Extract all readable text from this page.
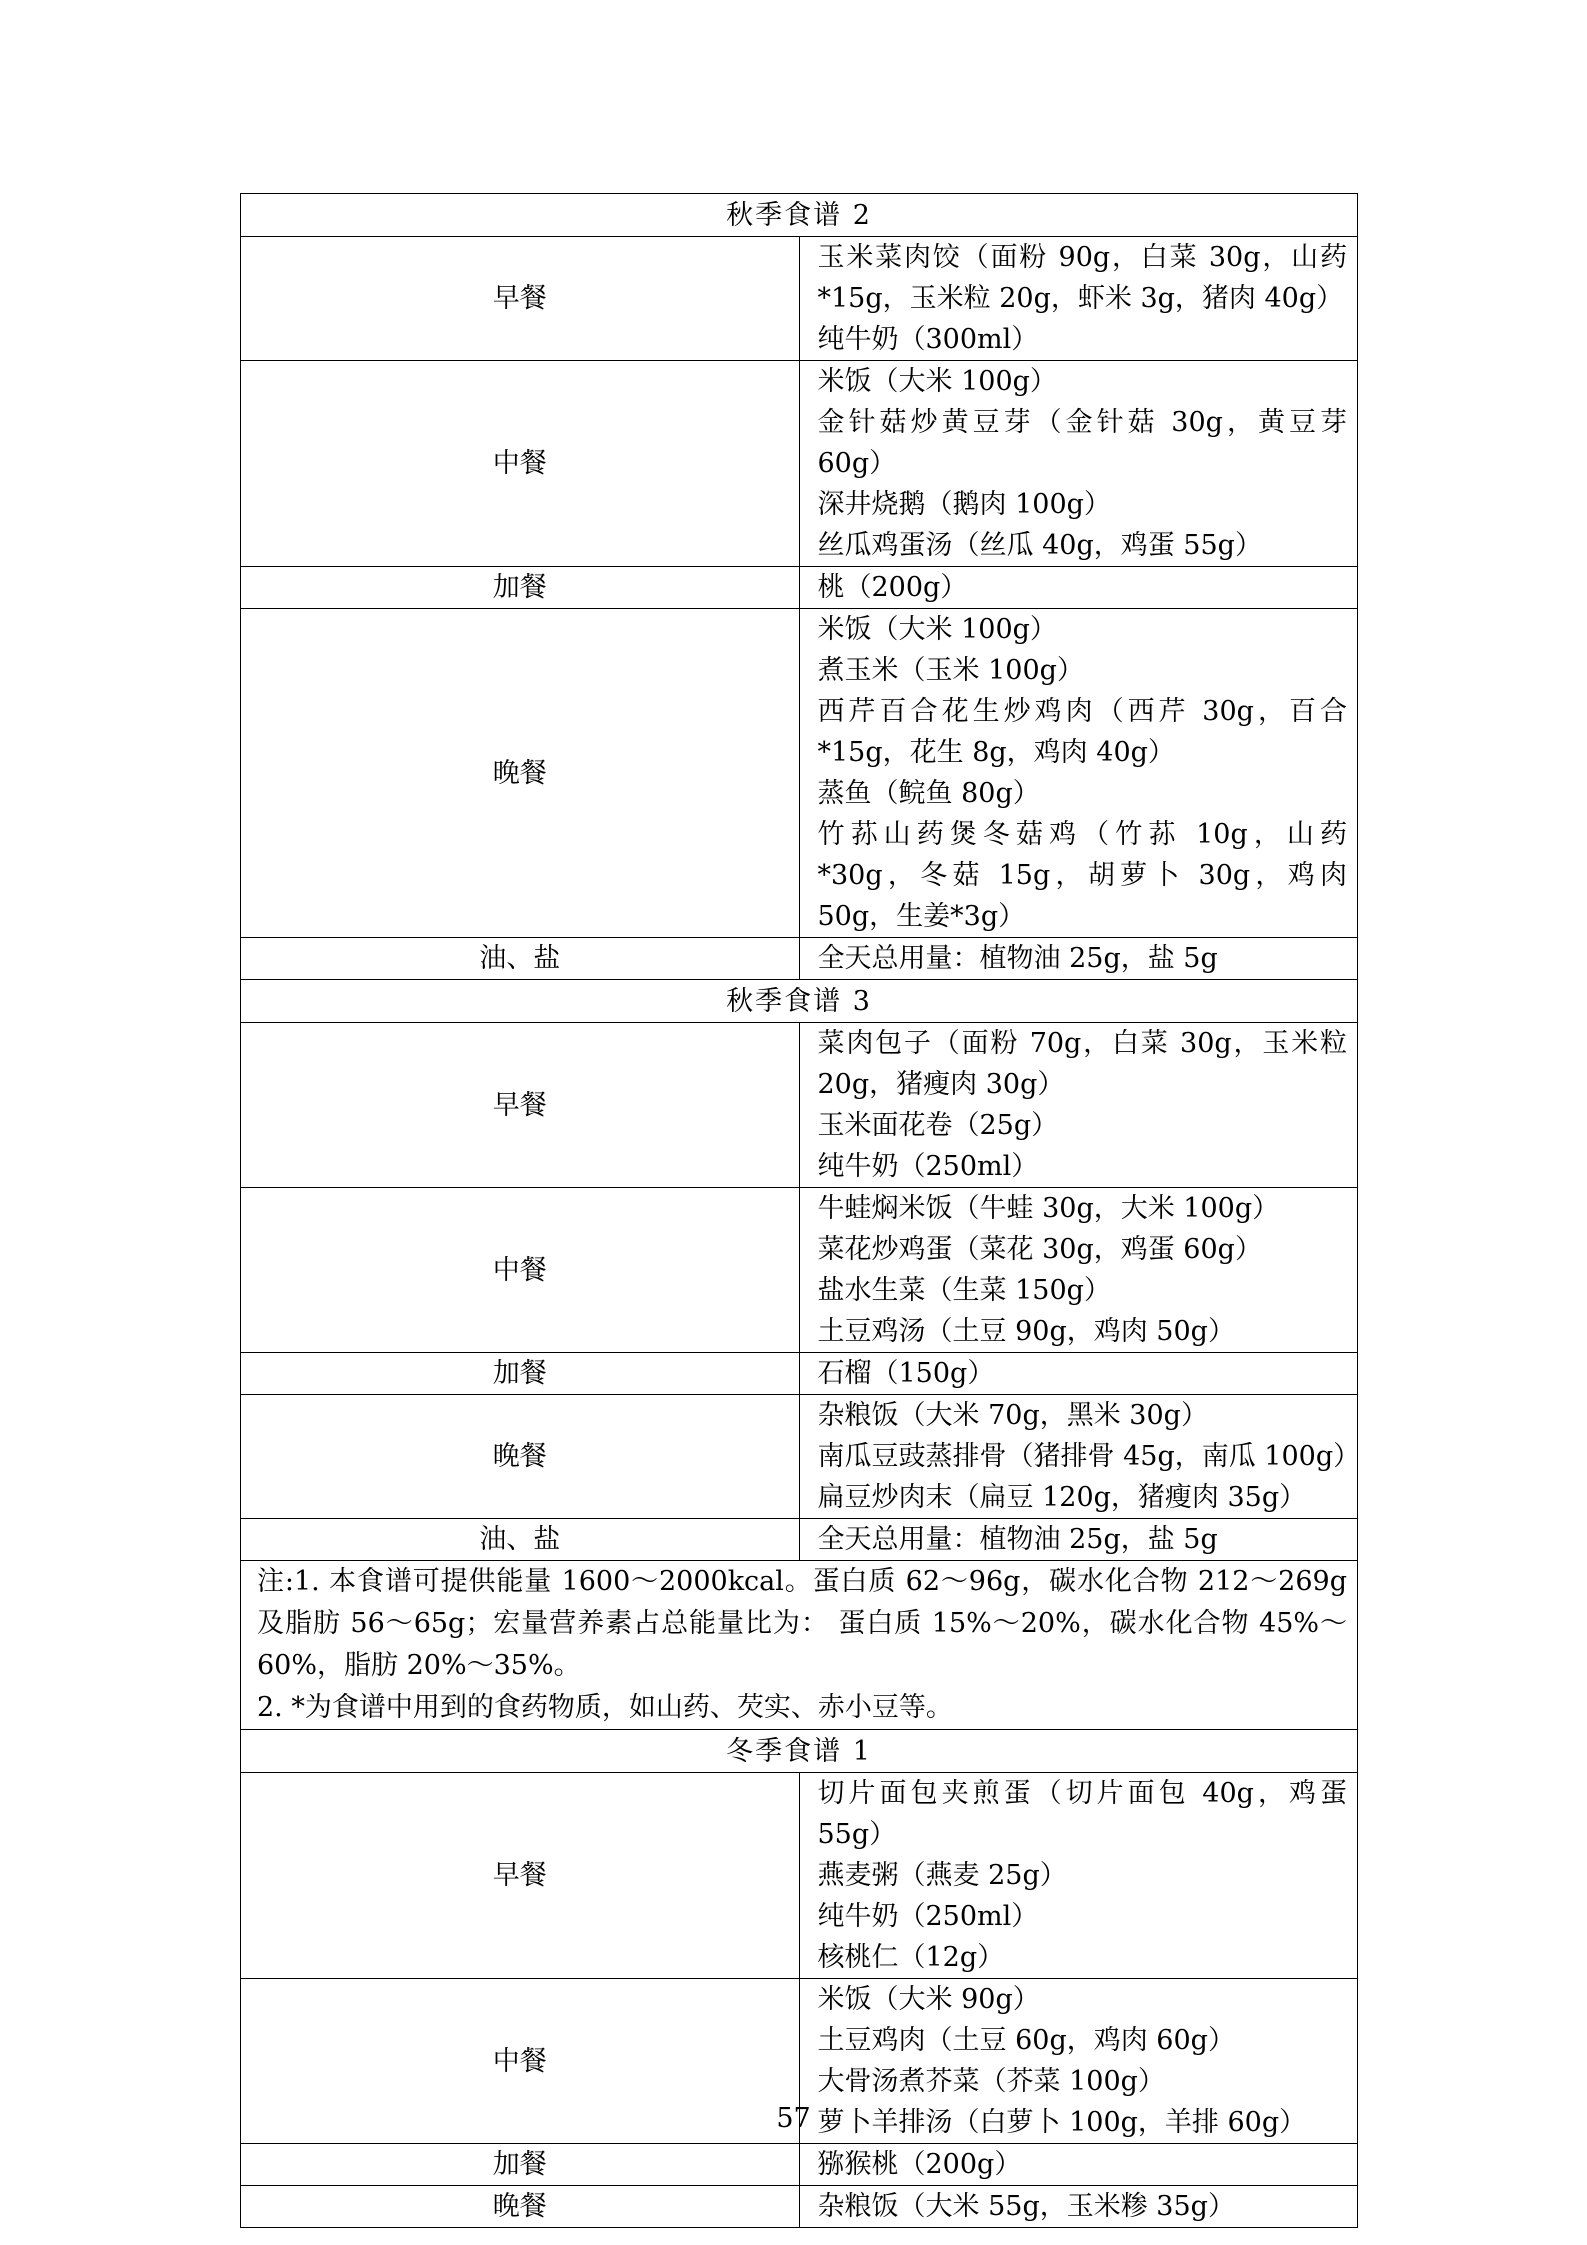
秋季食谱 2	
早餐	玉米菜肉饺（面粉 90g，白菜 30g，山药*15g，玉米粒 20g，虾米 3g，猪肉 40g）
纯牛奶（300ml）

中餐	米饭（大米 100g）
金针菇炒黄豆芽（金针菇 30g，黄豆芽 60g）
深井烧鹅（鹅肉 100g）
丝瓜鸡蛋汤（丝瓜 40g，鸡蛋 55g）

加餐	桃（200g）

晚餐	米饭（大米 100g）
煮玉米（玉米 100g）
西芹百合花生炒鸡肉（西芹 30g，百合*15g，花生 8g，鸡肉 40g）
蒸鱼（鲩鱼 80g）
竹荪山药煲冬菇鸡（竹荪 10g，山药*30g，冬菇 15g，胡萝卜 30g，鸡肉 50g，生姜*3g）

油、盐	全天总用量：植物油 25g，盐 5g

秋季食谱 3	
早餐	菜肉包子（面粉 70g，白菜 30g，玉米粒 20g，猪瘦肉 30g）
玉米面花卷（25g）
纯牛奶（250ml）

中餐	牛蛙焖米饭（牛蛙 30g，大米 100g）
菜花炒鸡蛋（菜花 30g，鸡蛋 60g）
盐水生菜（生菜 150g）
土豆鸡汤（土豆 90g，鸡肉 50g）

加餐	石榴（150g）

晚餐	杂粮饭（大米 70g，黑米 30g）
南瓜豆豉蒸排骨（猪排骨 45g，南瓜 100g）
扁豆炒肉末（扁豆 120g，猪瘦肉 35g）

油、盐	全天总用量：植物油 25g，盐 5g

注:1. 本食谱可提供能量 1600～2000kcal。蛋白质 62～96g，碳水化合物 212～269g 及脂肪 56～65g；宏量营养素占总能量比为： 蛋白质 15%～20%，碳水化合物 45%～60%，脂肪 20%～35%。
2. *为食谱中用到的食药物质，如山药、芡实、赤小豆等。	

冬季食谱 1	
早餐	切片面包夹煎蛋（切片面包 40g，鸡蛋 55g）
燕麦粥（燕麦 25g）
纯牛奶（250ml）
核桃仁（12g）

中餐	米饭（大米 90g）
土豆鸡肉（土豆 60g，鸡肉 60g）
大骨汤煮芥菜（芥菜 100g）
萝卜羊排汤（白萝卜 100g，羊排 60g）

加餐	猕猴桃（200g）

晚餐	杂粮饭（大米 55g，玉米糁 35g）
57
